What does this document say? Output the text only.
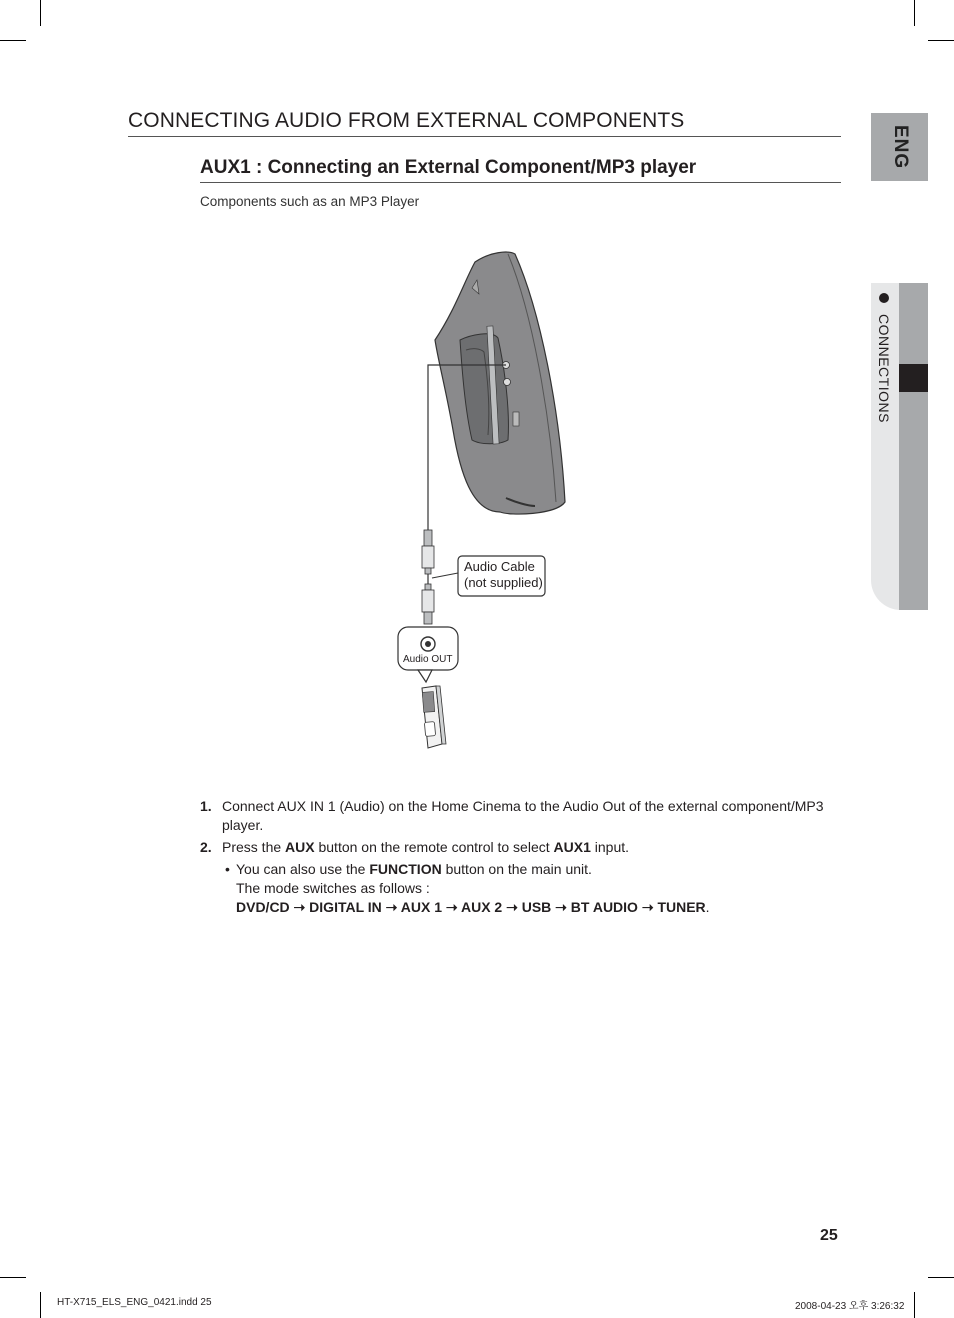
CONNECTING AUDIO FROM EXTERNAL COMPONENTS
AUX1 : Connecting an External Component/MP3 player
Components such as an MP3 Player
ENG
CONNECTIONS
Audio Cable
(not supplied)
Audio OUT
1. Connect AUX IN 1 (Audio) on the Home Cinema to the Audio Out of the external component/MP3 player.
2. Press the AUX button on the remote control to select AUX1 input.
• You can also use the FUNCTION button on the main unit.
The mode switches as follows :
DVD/CD ➝ DIGITAL IN ➝ AUX 1 ➝ AUX 2 ➝ USB ➝ BT AUDIO ➝ TUNER.
25
HT-X715_ELS_ENG_0421.indd 25	2008-04-23 오후 3:26:32
